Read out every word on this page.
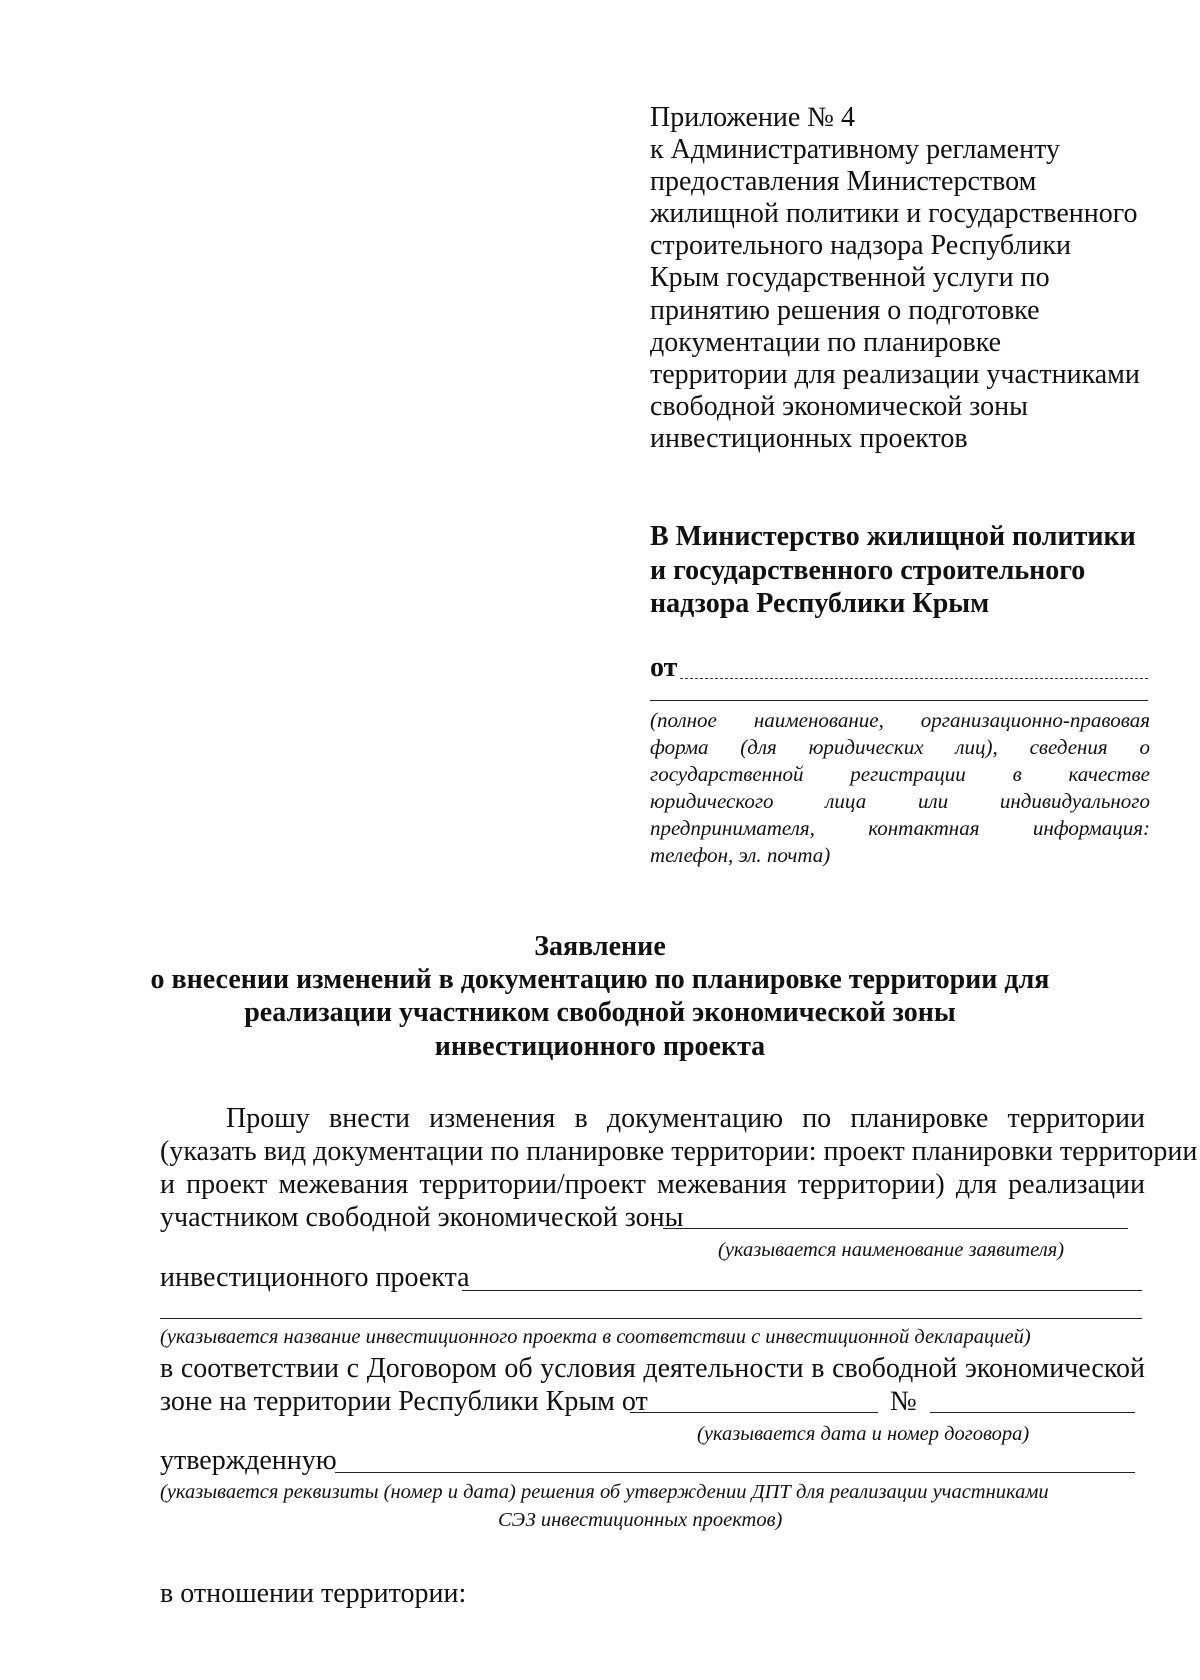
Приложение № 4
к Административному регламенту
предоставления Министерством
жилищной политики и государственного
строительного надзора Республики
Крым государственной услуги по
принятию решения о подготовке
документации по планировке
территории для реализации участниками
свободной экономической зоны
инвестиционных проектов
В Министерство жилищной политики
и государственного строительного
надзора Республики Крым
от
(полное наименование, организационно-правовая
форма (для юридических лиц), сведения о
государственной регистрации в качестве
юридического лица или индивидуального
предпринимателя, контактная информация:
телефон, эл. почта)
Заявление
о внесении изменений в документацию по планировке территории для
реализации участником свободной экономической зоны
инвестиционного проекта
Прошу внести изменения в документацию по планировке территории
(указать вид документации по планировке территории: проект планировки территории
и проект межевания территории/проект межевания территории) для реализации
участником свободной экономической зоны
(указывается наименование заявителя)
инвестиционного проекта
(указывается название инвестиционного проекта в соответствии с инвестиционной декларацией)
в соответствии с Договором об условия деятельности в свободной экономической
зоне на территории Республики Крым от	№
(указывается дата и номер договора)
утвержденную
(указывается реквизиты (номер и дата) решения об утверждении ДПТ для реализации участниками
СЭЗ инвестиционных проектов)
в отношении территории:
